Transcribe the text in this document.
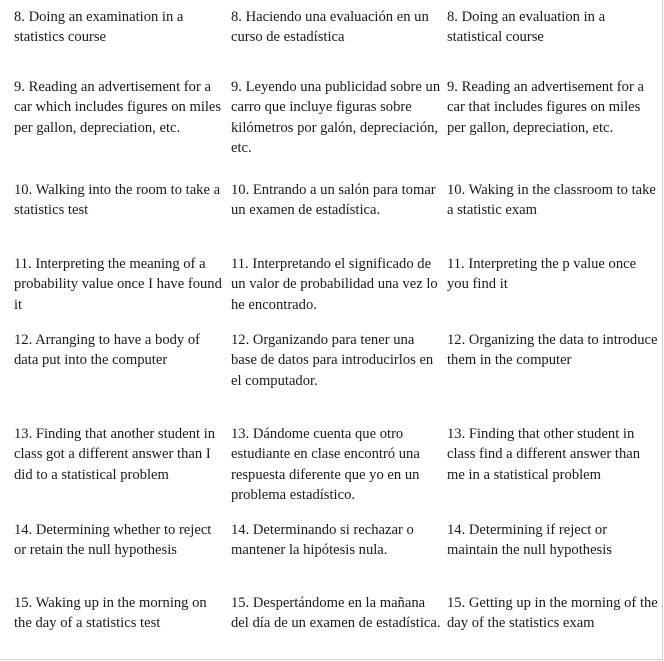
8. Doing an examination in a statistics course
8. Haciendo una evaluación en un curso de estadística
8. Doing an evaluation in a statistical course
9. Reading an advertisement for a car which includes figures on miles per gallon, depreciation, etc.
9. Leyendo una publicidad sobre un carro que incluye figuras sobre kilómetros por galón, depreciación, etc.
9. Reading an advertisement for a car that includes figures on miles per gallon, depreciation, etc.
10. Walking into the room to take a statistics test
10. Entrando a un salón para tomar un examen de estadística.
10. Waking in the classroom to take a statistic exam
11. Interpreting the meaning of a probability value once I have found it
11. Interpretando el significado de un valor de probabilidad una vez lo he encontrado.
11. Interpreting the p value once you find it
12. Arranging to have a body of data put into the computer
12. Organizando para tener una base de datos para introducirlos en el computador.
12. Organizing the data to introduce them in the computer
13. Finding that another student in class got a different answer than I did to a statistical problem
13. Dándome cuenta que otro estudiante en clase encontró una respuesta diferente que yo en un problema estadístico.
13. Finding that other student in class find a different answer than me in a statistical problem
14. Determining whether to reject or retain the null hypothesis
14. Determinando si rechazar o mantener la hipótesis nula.
14. Determining if reject or maintain the null hypothesis
15. Waking up in the morning on the day of a statistics test
15. Despertándome en la mañana del día de un examen de estadística.
15. Getting up in the morning of the day of the statistics exam
